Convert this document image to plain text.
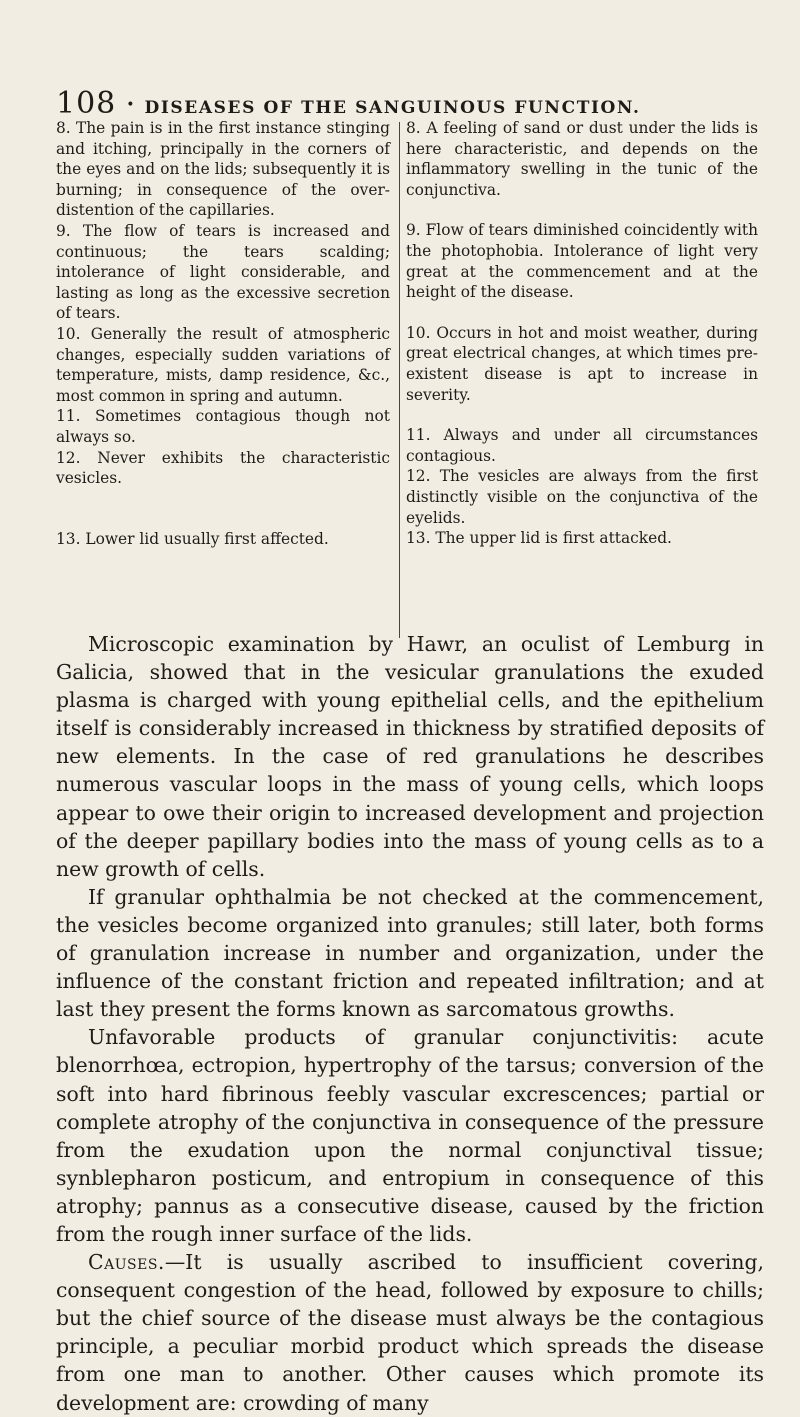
108 • DISEASES OF THE SANGUINOUS FUNCTION.

8. The pain is in the first instance stinging and itching, principally in the corners of the eyes and on the lids; subsequently it is burning; in consequence of the over-distention of the capillaries.

9. The flow of tears is increased and continuous; the tears scalding; intolerance of light considerable, and lasting as long as the excessive secretion of tears.

10. Generally the result of atmospheric changes, especially sudden variations of temperature, mists, damp residence, &c., most common in spring and autumn.

11. Sometimes contagious though not always so.

12. Never exhibits the characteristic vesicles.

13. Lower lid usually first affected.

8. A feeling of sand or dust under the lids is here characteristic, and depends on the inflammatory swelling in the tunic of the conjunctiva.

9. Flow of tears diminished coincidently with the photophobia. Intolerance of light very great at the commencement and at the height of the disease.

10. Occurs in hot and moist weather, during great electrical changes, at which times pre-existent disease is apt to increase in severity.

11. Always and under all circumstances contagious.

12. The vesicles are always from the first distinctly visible on the conjunctiva of the eyelids.

13. The upper lid is first attacked.

Microscopic examination by Hawr, an oculist of Lemburg in Galicia, showed that in the vesicular granulations the exuded plasma is charged with young epithelial cells, and the epithelium itself is considerably increased in thickness by stratified deposits of new elements. In the case of red granulations he describes numerous vascular loops in the mass of young cells, which loops appear to owe their origin to increased development and projection of the deeper papillary bodies into the mass of young cells as to a new growth of cells.

If granular ophthalmia be not checked at the commencement, the vesicles become organized into granules; still later, both forms of granulation increase in number and organization, under the influence of the constant friction and repeated infiltration; and at last they present the forms known as sarcomatous growths.

Unfavorable products of granular conjunctivitis: acute blenorrhœa, ectropion, hypertrophy of the tarsus; conversion of the soft into hard fibrinous feebly vascular excrescences; partial or complete atrophy of the conjunctiva in consequence of the pressure from the exudation upon the normal conjunctival tissue; synblepharon posticum, and entropium in consequence of this atrophy; pannus as a consecutive disease, caused by the friction from the rough inner surface of the lids.

Causes.—It is usually ascribed to insufficient covering, consequent congestion of the head, followed by exposure to chills; but the chief source of the disease must always be the contagious principle, a peculiar morbid product which spreads the disease from one man to another. Other causes which promote its development are: crowding of many
